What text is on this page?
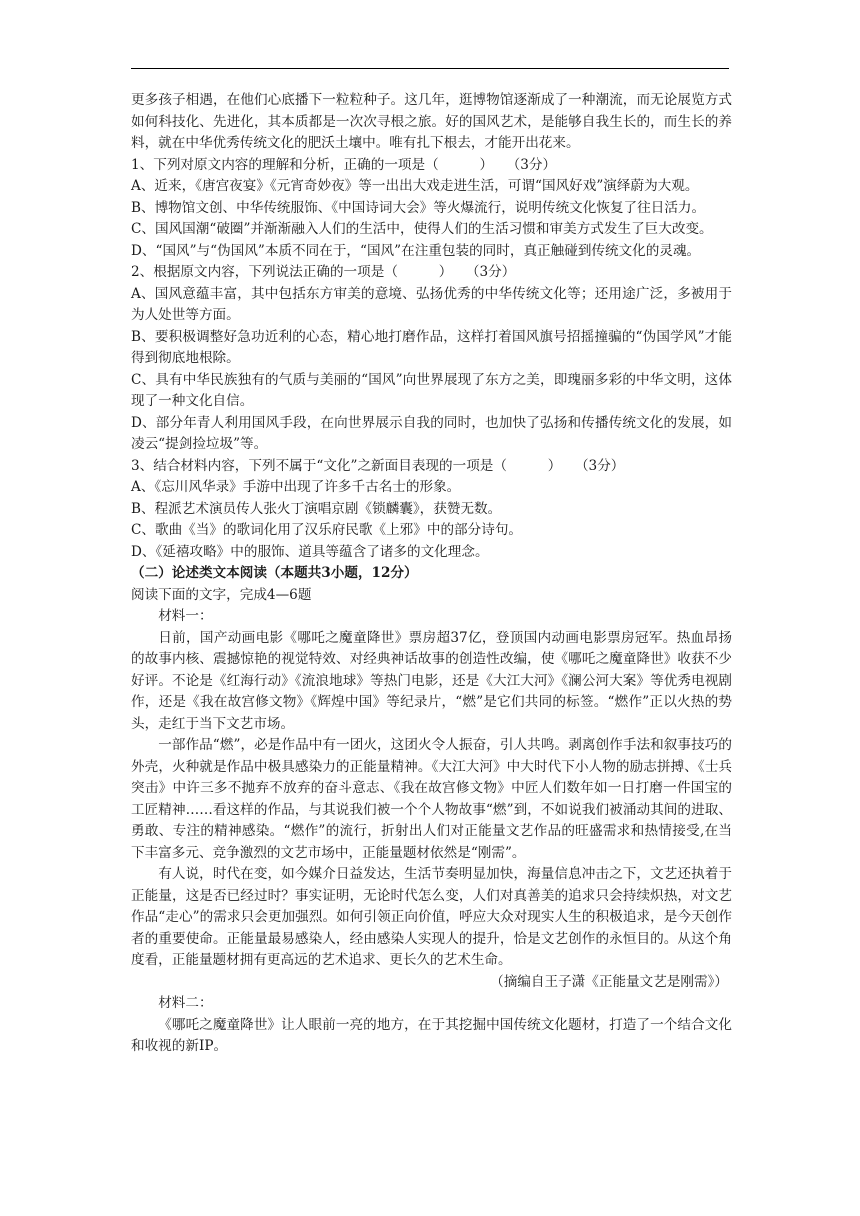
更多孩子相遇，在他们心底播下一粒粒种子。这几年，逛博物馆逐渐成了一种潮流，而无论展览方式如何科技化、先进化，其本质都是一次次寻根之旅。好的国风艺术，是能够自我生长的，而生长的养料，就在中华优秀传统文化的肥沃土壤中。唯有扎下根去，才能开出花来。

1、下列对原文内容的理解和分析，正确的一项是（　　　）　　（3分）

A、近来，《唐宫夜宴》《元宵奇妙夜》等一出出大戏走进生活，可谓“国风好戏”演绎蔚为大观。

B、博物馆文创、中华传统服饰、《中国诗词大会》等火爆流行，说明传统文化恢复了往日活力。

C、国风国潮“破圈”并渐渐融入人们的生活中，使得人们的生活习惯和审美方式发生了巨大改变。

D、“国风”与“伪国风”本质不同在于，“国风”在注重包装的同时，真正触碰到传统文化的灵魂。

2、根据原文内容，下列说法正确的一项是（　　　）　　（3分）

A、国风意蕴丰富，其中包括东方审美的意境、弘扬优秀的中华传统文化等；还用途广泛，多被用于为人处世等方面。

B、要积极调整好急功近利的心态，精心地打磨作品，这样打着国风旗号招摇撞骗的“伪国学风”才能得到彻底地根除。

C、具有中华民族独有的气质与美丽的“国风”向世界展现了东方之美，即瑰丽多彩的中华文明，这体现了一种文化自信。

D、部分年青人利用国风手段，在向世界展示自我的同时，也加快了弘扬和传播传统文化的发展，如凌云“提剑捡垃圾”等。

3、结合材料内容，下列不属于“文化”之新面目表现的一项是（　　　）　　（3分）

A、《忘川风华录》手游中出现了许多千古名士的形象。

B、程派艺术演员传人张火丁演唱京剧《锁麟囊》，获赞无数。

C、歌曲《当》的歌词化用了汉乐府民歌《上邪》中的部分诗句。

D、《延禧攻略》中的服饰、道具等蕴含了诸多的文化理念。

（二）论述类文本阅读（本题共3小题，12分）

阅读下面的文字，完成4—6题

材料一：

日前，国产动画电影《哪吒之魔童降世》票房超37亿，登顶国内动画电影票房冠军。热血昂扬的故事内核、震撼惊艳的视觉特效、对经典神话故事的创造性改编，使《哪吒之魔童降世》收获不少好评。不论是《红海行动》《流浪地球》等热门电影，还是《大江大河》《澜公河大案》等优秀电视剧作，还是《我在故宫修文物》《辉煌中国》等纪录片，“燃”是它们共同的标签。“燃作”正以火热的势头，走红于当下文艺市场。

一部作品“燃”，必是作品中有一团火，这团火令人振奋，引人共鸣。剥离创作手法和叙事技巧的外壳，火种就是作品中极具感染力的正能量精神。《大江大河》中大时代下小人物的励志拼搏、《士兵突击》中许三多不抛弃不放弃的奋斗意志、《我在故宫修文物》中匠人们数年如一日打磨一件国宝的工匠精神……看这样的作品，与其说我们被一个个人物故事“燃”到，不如说我们被涌动其间的进取、勇敢、专注的精神感染。“燃作”的流行，折射出人们对正能量文艺作品的旺盛需求和热情接受,在当下丰富多元、竞争激烈的文艺市场中，正能量题材依然是“刚需”。

有人说，时代在变，如今媒介日益发达，生活节奏明显加快，海量信息冲击之下，文艺还执着于正能量，这是否已经过时？事实证明，无论时代怎么变，人们对真善美的追求只会持续炽热，对文艺作品“走心”的需求只会更加强烈。如何引领正向价值，呼应大众对现实人生的积极追求，是今天创作者的重要使命。正能量最易感染人，经由感染人实现人的提升，恰是文艺创作的永恒目的。从这个角度看，正能量题材拥有更高远的艺术追求、更长久的艺术生命。

（摘编自王子潇《正能量文艺是刚需》）

材料二：

《哪吒之魔童降世》让人眼前一亮的地方，在于其挖掘中国传统文化题材，打造了一个结合文化和收视的新IP。
